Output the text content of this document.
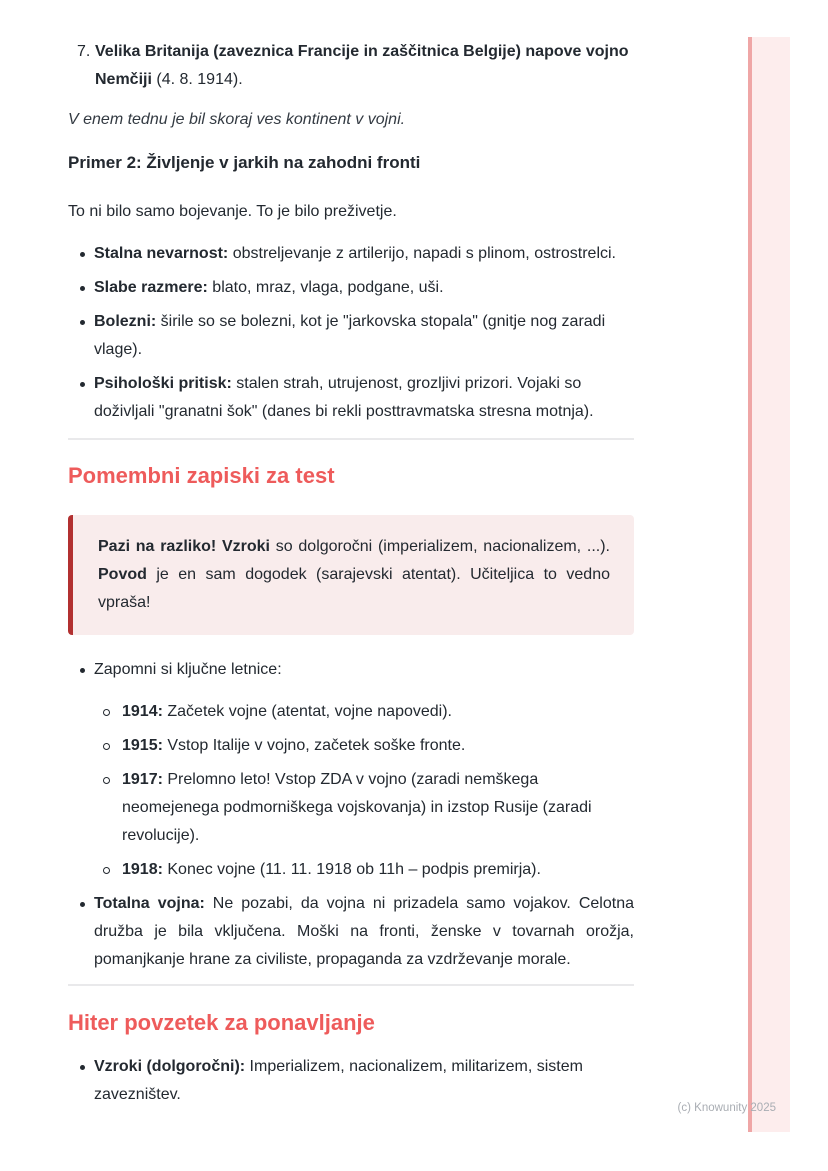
7. Velika Britanija (zaveznica Francije in zaščitnica Belgije) napove vojno Nemčiji (4. 8. 1914).

V enem tednu je bil skoraj ves kontinent v vojni.

Primer 2: Življenje v jarkih na zahodni fronti

To ni bilo samo bojevanje. To je bilo preživetje.

Stalna nevarnost: obstreljevanje z artilerijo, napadi s plinom, ostrostrelci.
Slabe razmere: blato, mraz, vlaga, podgane, uši.
Bolezni: širile so se bolezni, kot je "jarkovska stopala" (gnitje nog zaradi vlage).
Psihološki pritisk: stalen strah, utrujenost, grozljivi prizori. Vojaki so doživljali "granatni šok" (danes bi rekli posttravmatska stresna motnja).
Pomembni zapiski za test

Pazi na razliko! Vzroki so dolgoročni (imperializem, nacionalizem, ...). Povod je en sam dogodek (sarajevski atentat). Učiteljica to vedno vpraša!

Zapomni si ključne letnice:
1914: Začetek vojne (atentat, vojne napovedi).
1915: Vstop Italije v vojno, začetek soške fronte.
1917: Prelomno leto! Vstop ZDA v vojno (zaradi nemškega neomejenega podmorniškega vojskovanja) in izstop Rusije (zaradi revolucije).
1918: Konec vojne (11. 11. 1918 ob 11h – podpis premirja).
Totalna vojna: Ne pozabi, da vojna ni prizadela samo vojakov. Celotna družba je bila vključena. Moški na fronti, ženske v tovarnah orožja, pomanjkanje hrane za civiliste, propaganda za vzdrževanje morale.
Hiter povzetek za ponavljanje
Vzroki (dolgoročni): Imperializem, nacionalizem, militarizem, sistem zavezništev.
(c) Knowunity 2025
